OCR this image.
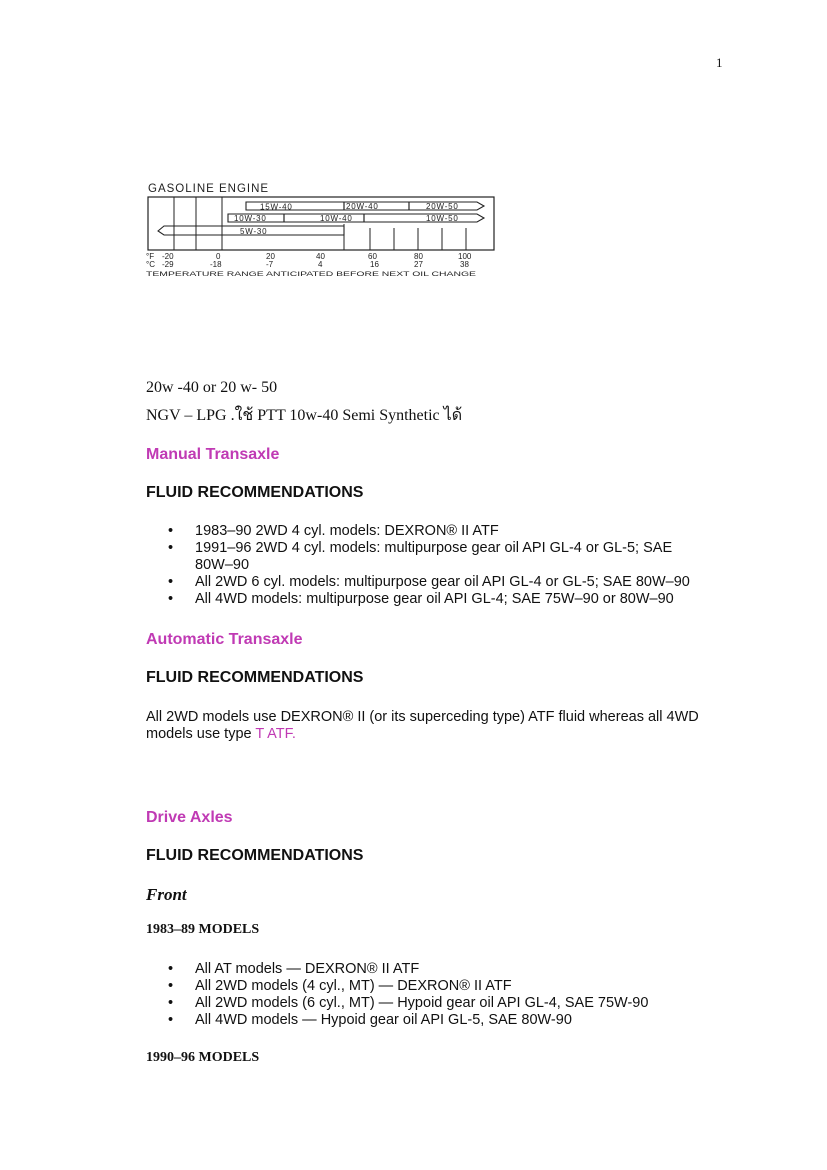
1
GASOLINE ENGINE
15W-40	20W-40	20W-50
10W-30	10W-40	10W-50
5W-30
°F -20	0	20	40	60	80	100
°C -29	-18	-7	4	16	27	38
TEMPERATURE RANGE ANTICIPATED BEFORE NEXT OIL CHANGE
20w -40 or 20 w- 50
NGV – LPG .ใช้ PTT 10w-40 Semi Synthetic ได้
Manual Transaxle
FLUID RECOMMENDATIONS
• 1983–90 2WD 4 cyl. models: DEXRON® II ATF
• 1991–96 2WD 4 cyl. models: multipurpose gear oil API GL-4 or GL-5; SAE 80W–90
• All 2WD 6 cyl. models: multipurpose gear oil API GL-4 or GL-5; SAE 80W–90
• All 4WD models: multipurpose gear oil API GL-4; SAE 75W–90 or 80W–90
Automatic Transaxle
FLUID RECOMMENDATIONS
All 2WD models use DEXRON® II (or its superceding type) ATF fluid whereas all 4WD models use type T ATF.
Drive Axles
FLUID RECOMMENDATIONS
Front
1983–89 MODELS
• All AT models — DEXRON® II ATF
• All 2WD models (4 cyl., MT) — DEXRON® II ATF
• All 2WD models (6 cyl., MT) — Hypoid gear oil API GL-4, SAE 75W-90
• All 4WD models — Hypoid gear oil API GL-5, SAE 80W-90
1990–96 MODELS
